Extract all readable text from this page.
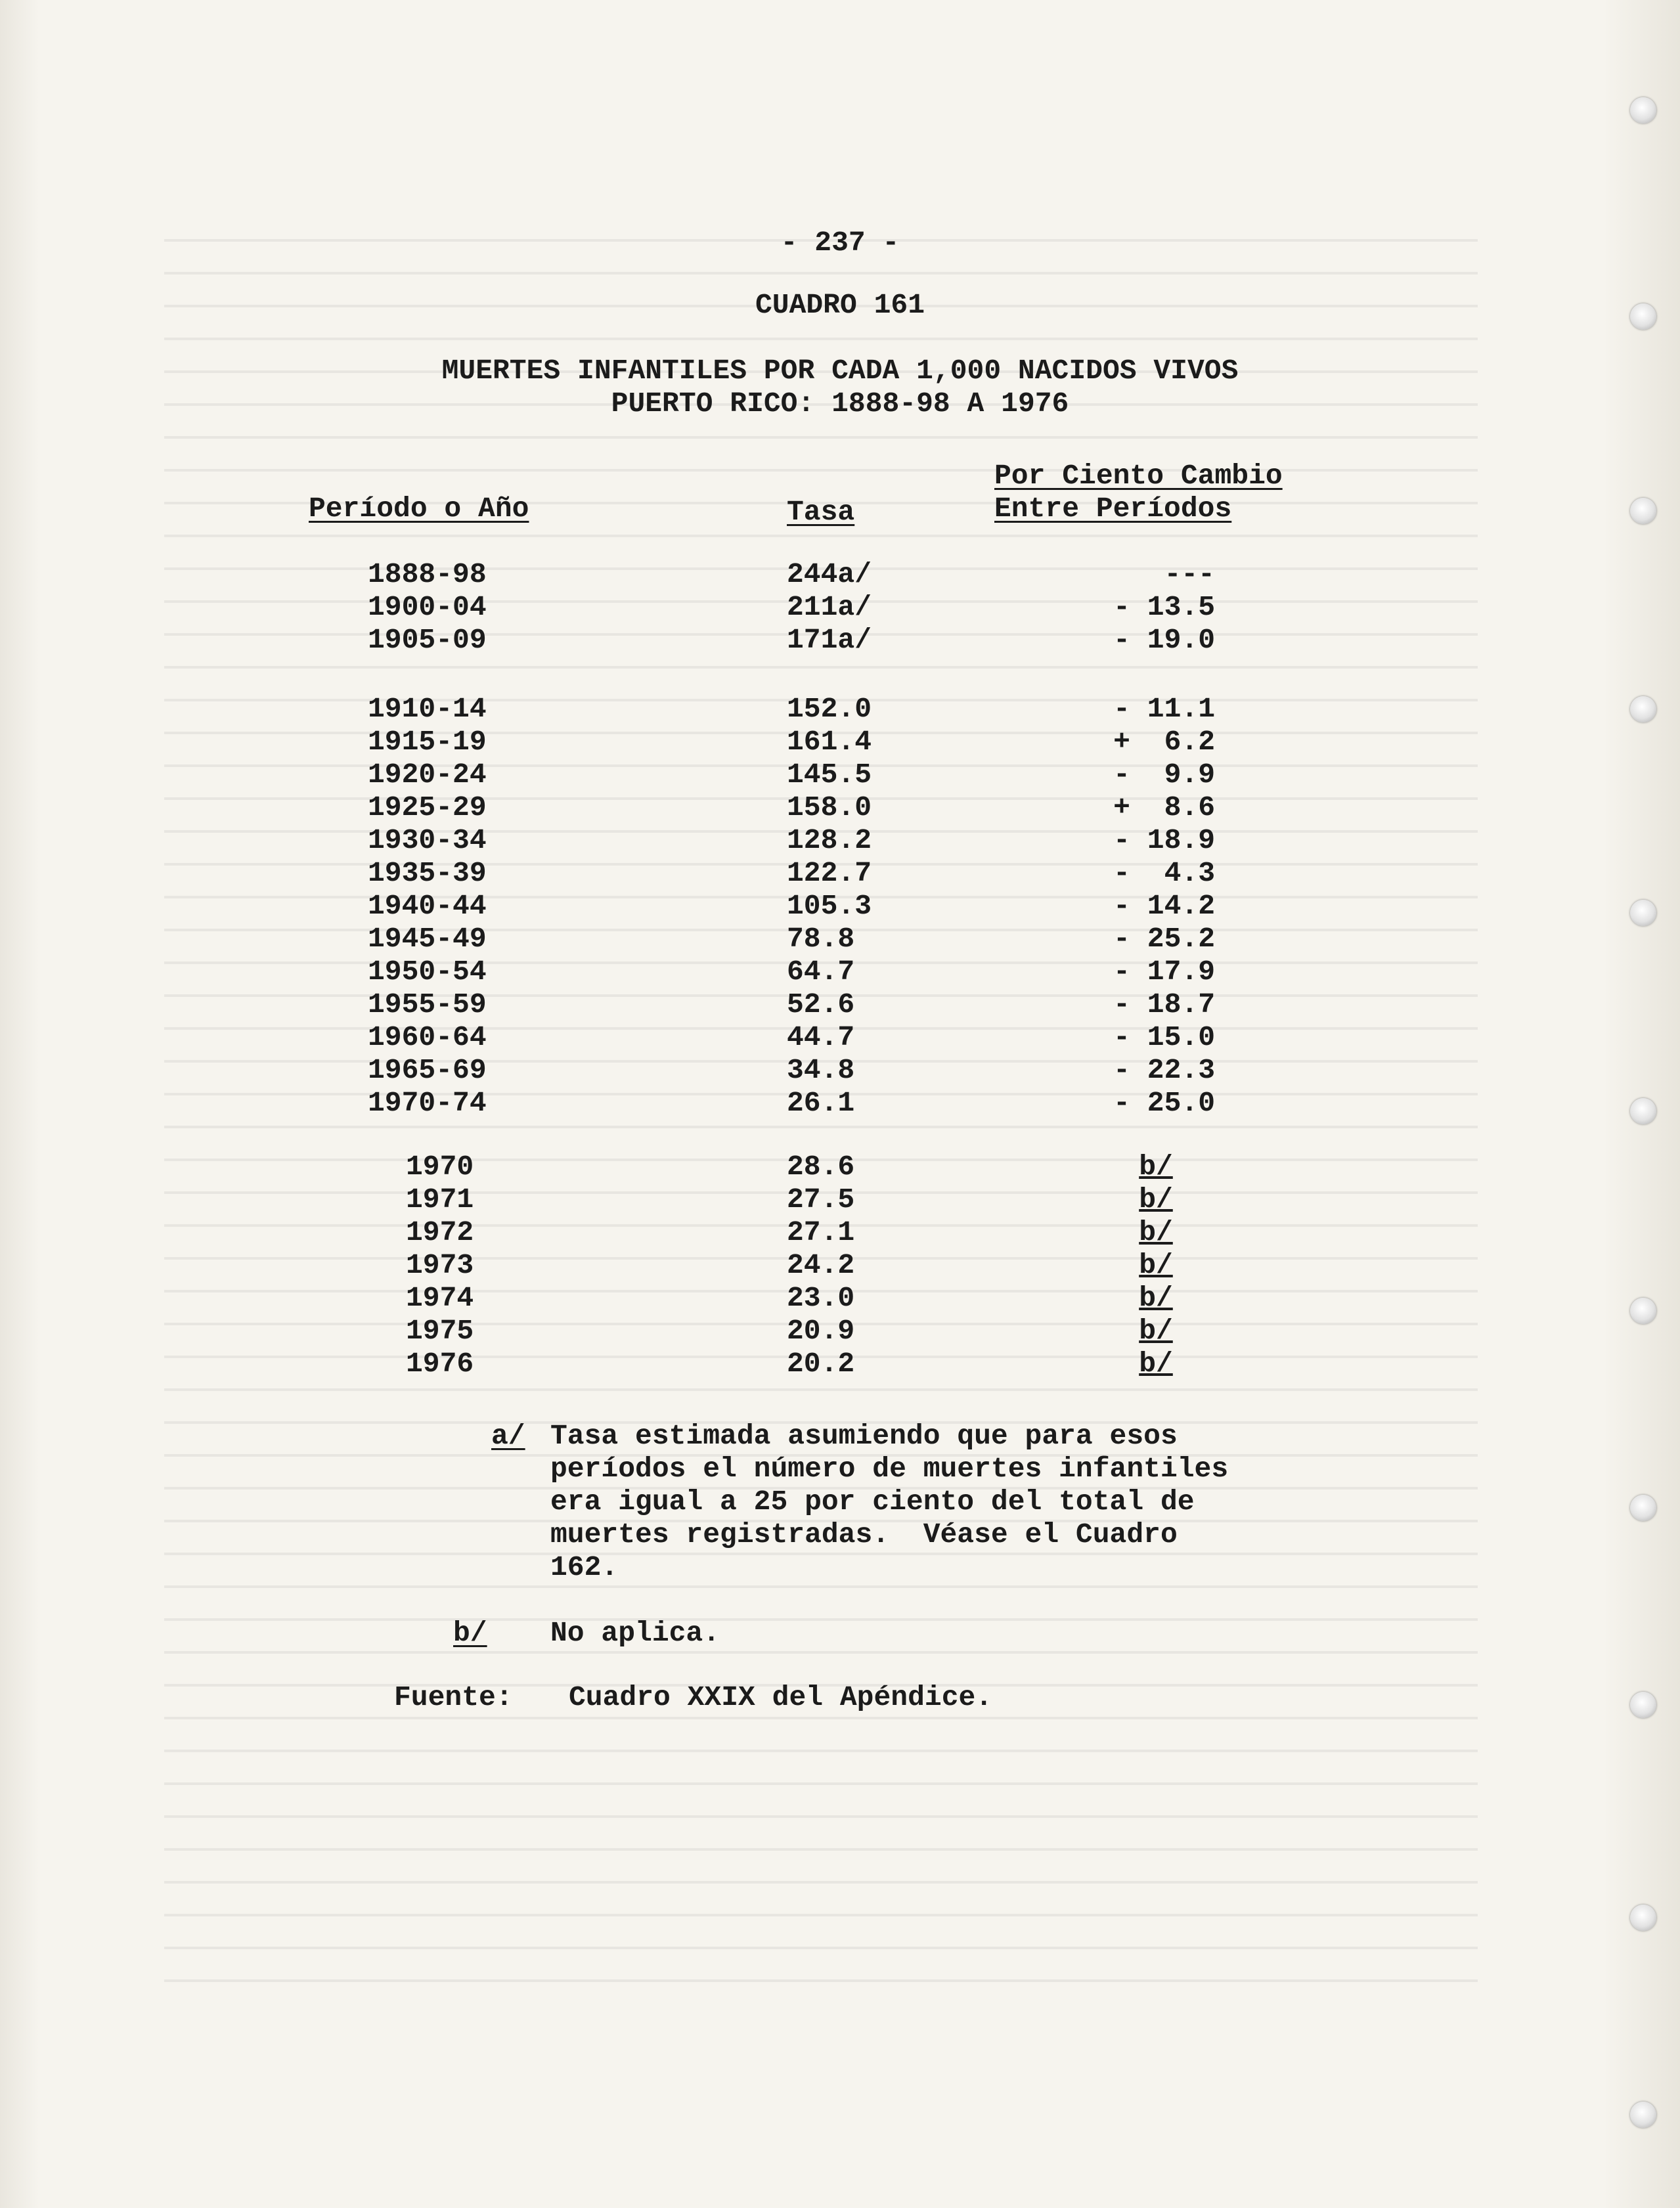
- 237 -
CUADRO 161
MUERTES INFANTILES POR CADA 1,000 NACIDOS VIVOS
PUERTO RICO: 1888-98 A 1976
Por Ciento Cambio
Período o Año	Tasa	Entre Períodos
1888-98	244a/	---
1900-04	211a/	- 13.5
1905-09	171a/	- 19.0
1910-14	152.0	- 11.1
1915-19	161.4	+  6.2
1920-24	145.5	-  9.9
1925-29	158.0	+  8.6
1930-34	128.2	- 18.9
1935-39	122.7	-  4.3
1940-44	105.3	- 14.2
1945-49	78.8	- 25.2
1950-54	64.7	- 17.9
1955-59	52.6	- 18.7
1960-64	44.7	- 15.0
1965-69	34.8	- 22.3
1970-74	26.1	- 25.0
1970	28.6	b/
1971	27.5	b/
1972	27.1	b/
1973	24.2	b/
1974	23.0	b/
1975	20.9	b/
1976	20.2	b/
a/ Tasa estimada asumiendo que para esos
períodos el número de muertes infantiles
era igual a 25 por ciento del total de
muertes registradas.  Véase el Cuadro
162.
b/ No aplica.
Fuente: Cuadro XXIX del Apéndice.
